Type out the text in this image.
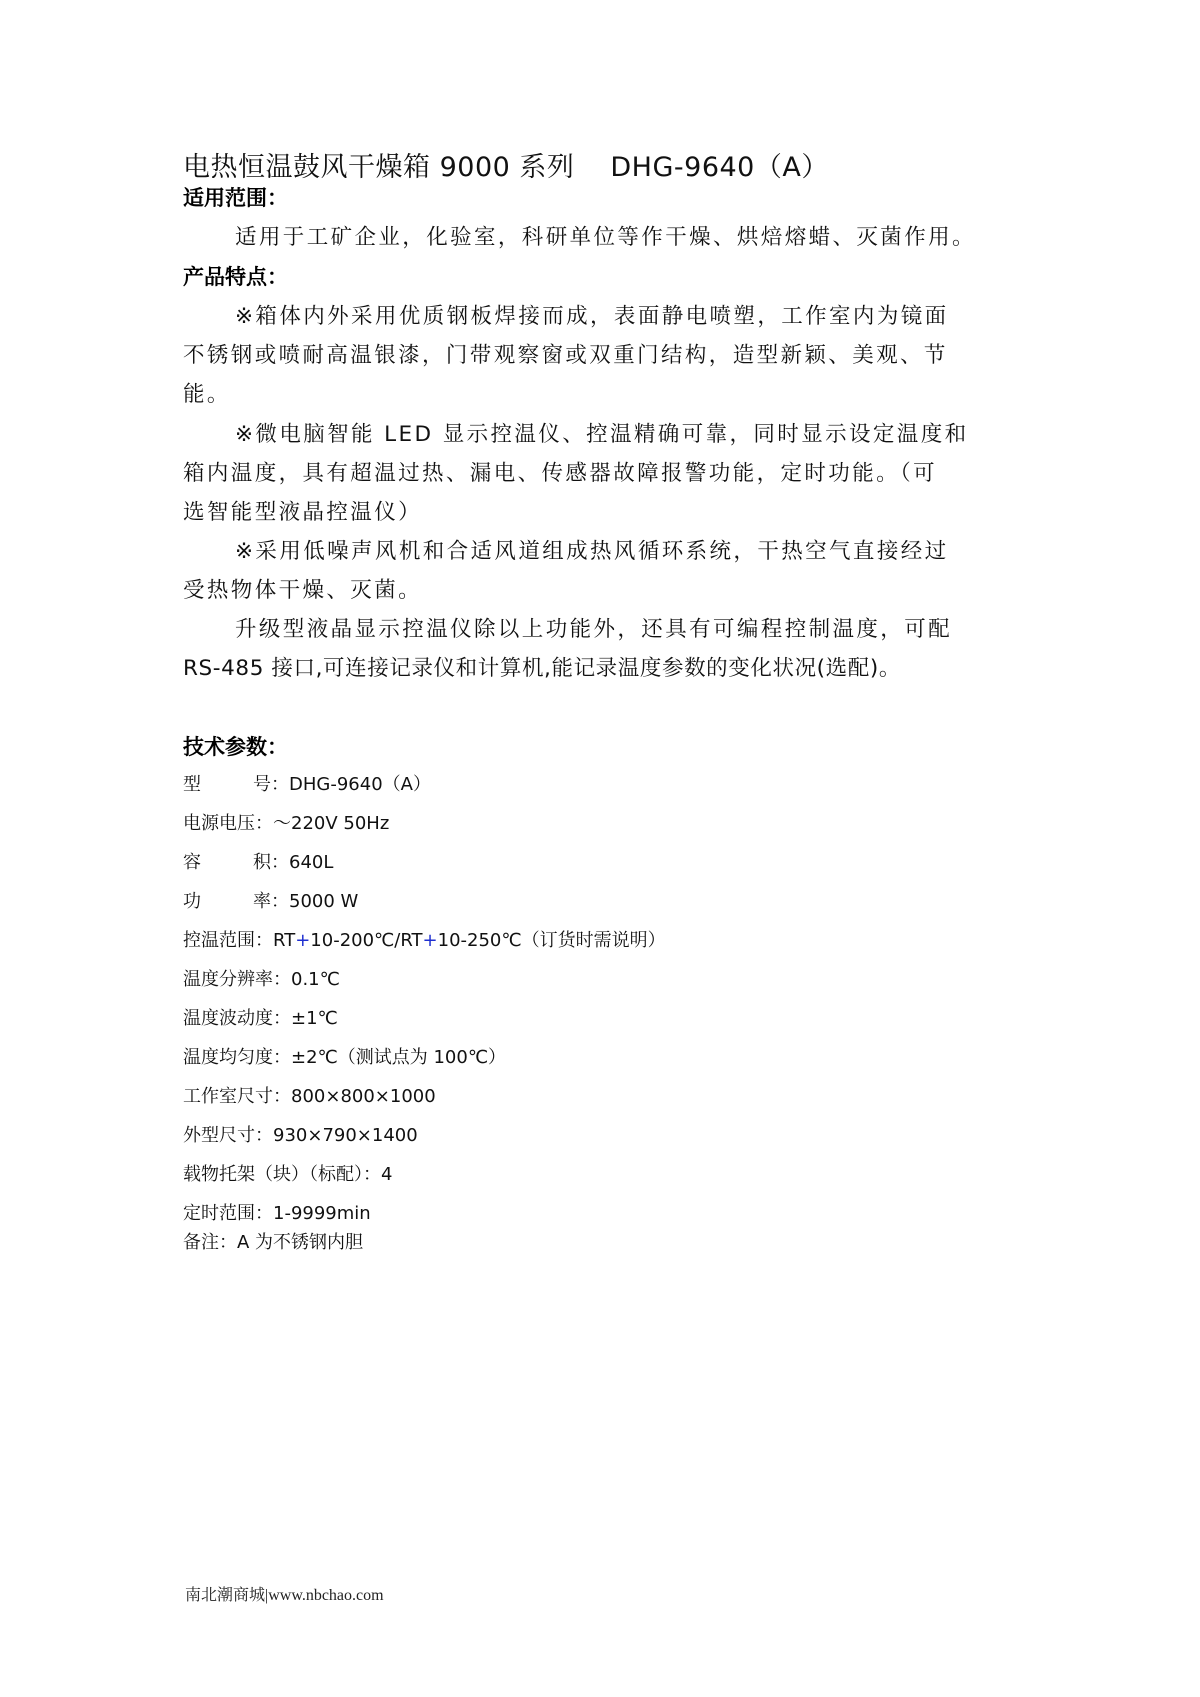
电热恒温鼓风干燥箱 9000 系列 DHG-9640（A）
适用范围：
适用于工矿企业，化验室，科研单位等作干燥、烘焙熔蜡、灭菌作用。
产品特点：
※箱体内外采用优质钢板焊接而成，表面静电喷塑，工作室内为镜面
不锈钢或喷耐高温银漆，门带观察窗或双重门结构，造型新颖、美观、节
能。
※微电脑智能 LED 显示控温仪、控温精确可靠，同时显示设定温度和
箱内温度，具有超温过热、漏电、传感器故障报警功能，定时功能。（可
选智能型液晶控温仪）
※采用低噪声风机和合适风道组成热风循环系统，干热空气直接经过
受热物体干燥、灭菌。
升级型液晶显示控温仪除以上功能外，还具有可编程控制温度，可配
RS-485 接口,可连接记录仪和计算机,能记录温度参数的变化状况(选配)。
技术参数：
型	号：DHG-9640（A）
电源电压：～220V 50Hz
容	积：640L
功	率：5000 W
控温范围：RT+10-200℃/RT+10-250℃（订货时需说明）
温度分辨率：0.1℃
温度波动度：±1℃
温度均匀度：±2℃（测试点为 100℃）
工作室尺寸：800×800×1000
外型尺寸：930×790×1400
载物托架（块）（标配）：4
定时范围：1-9999min
备注：A 为不锈钢内胆
南北潮商城|www.nbchao.com
